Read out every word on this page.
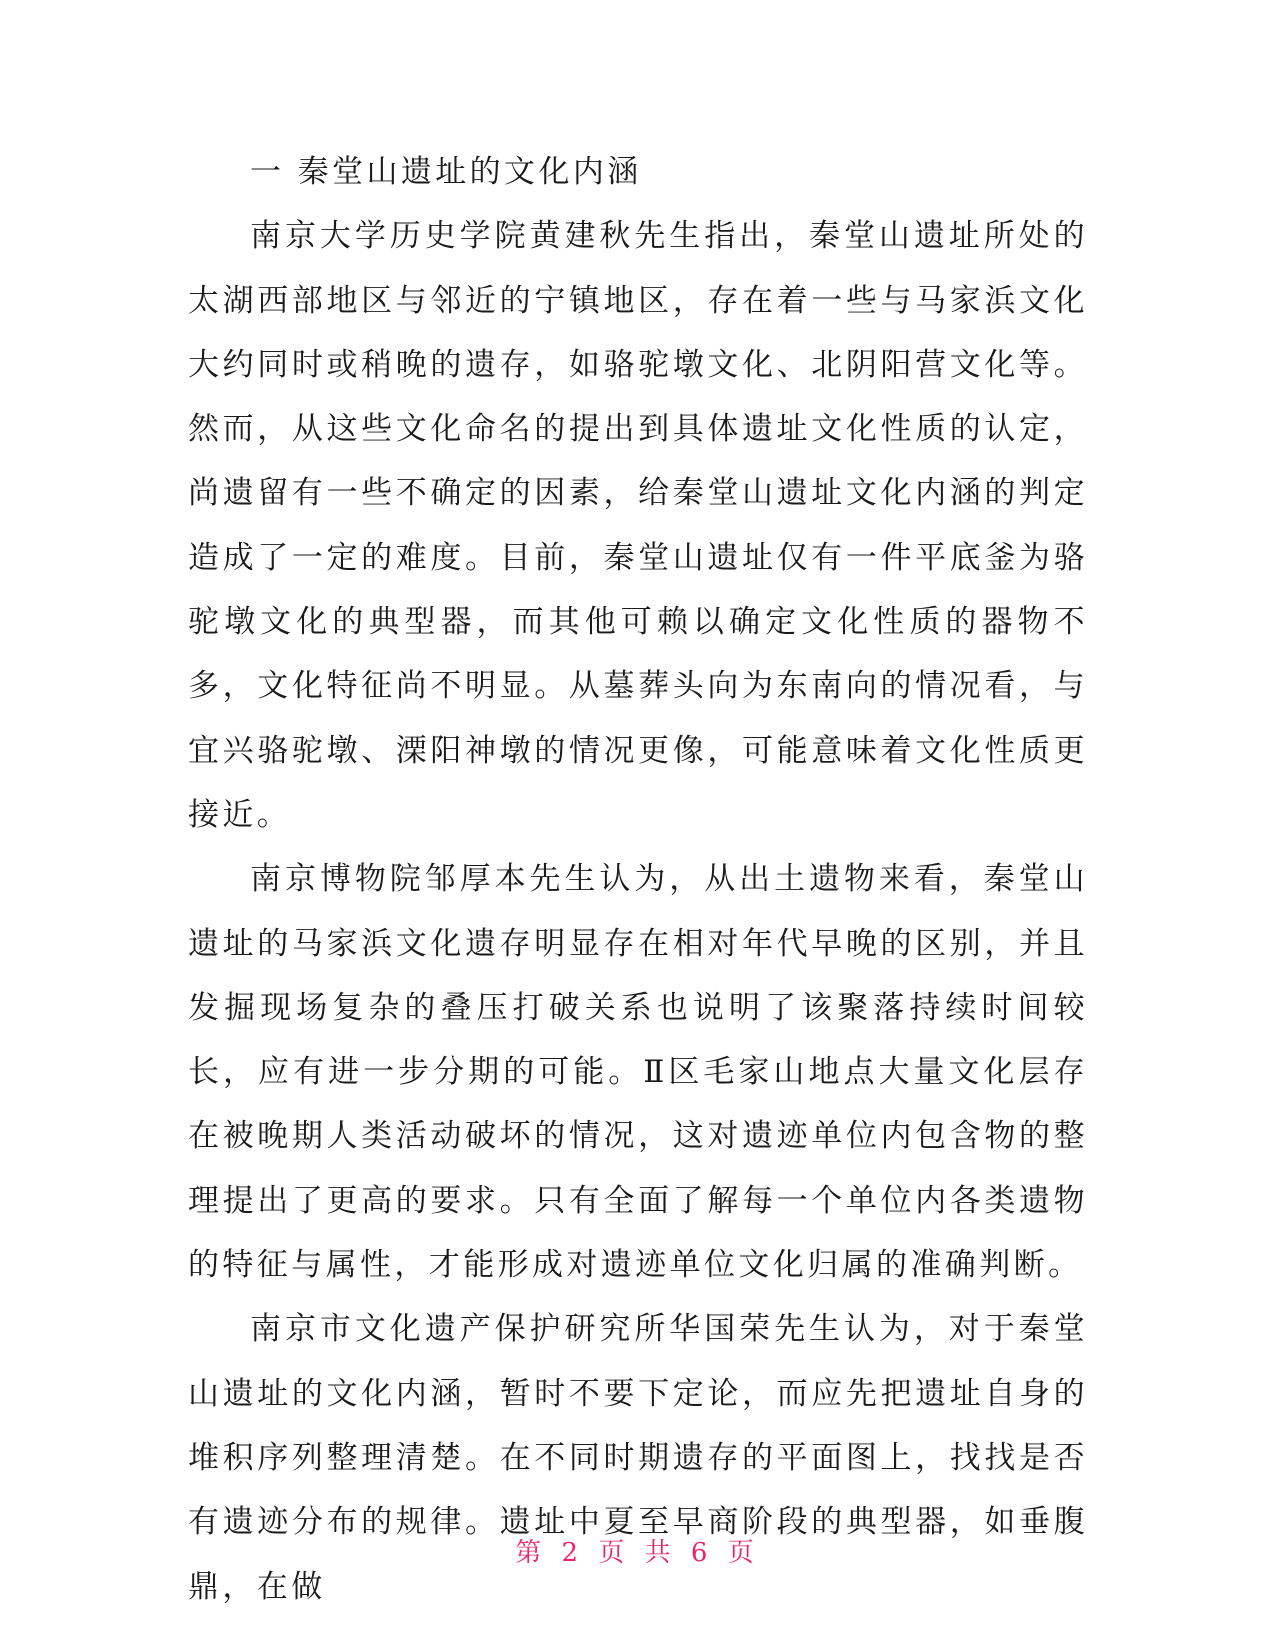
一 秦堂山遗址的文化内涵

南京大学历史学院黄建秋先生指出，秦堂山遗址所处的太湖西部地区与邻近的宁镇地区，存在着一些与马家浜文化大约同时或稍晚的遗存，如骆驼墩文化、北阴阳营文化等。然而，从这些文化命名的提出到具体遗址文化性质的认定，尚遗留有一些不确定的因素，给秦堂山遗址文化内涵的判定造成了一定的难度。目前，秦堂山遗址仅有一件平底釜为骆驼墩文化的典型器，而其他可赖以确定文化性质的器物不多，文化特征尚不明显。从墓葬头向为东南向的情况看，与宜兴骆驼墩、溧阳神墩的情况更像，可能意味着文化性质更接近。

南京博物院邹厚本先生认为，从出土遗物来看，秦堂山遗址的马家浜文化遗存明显存在相对年代早晚的区别，并且发掘现场复杂的叠压打破关系也说明了该聚落持续时间较长，应有进一步分期的可能。Ⅱ区毛家山地点大量文化层存在被晚期人类活动破坏的情况，这对遗迹单位内包含物的整理提出了更高的要求。只有全面了解每一个单位内各类遗物的特征与属性，才能形成对遗迹单位文化归属的准确判断。

南京市文化遗产保护研究所华国荣先生认为，对于秦堂山遗址的文化内涵，暂时不要下定论，而应先把遗址自身的堆积序列整理清楚。在不同时期遗存的平面图上，找找是否有遗迹分布的规律。遗址中夏至早商阶段的典型器，如垂腹鼎，在做

第 2 页 共 6 页
